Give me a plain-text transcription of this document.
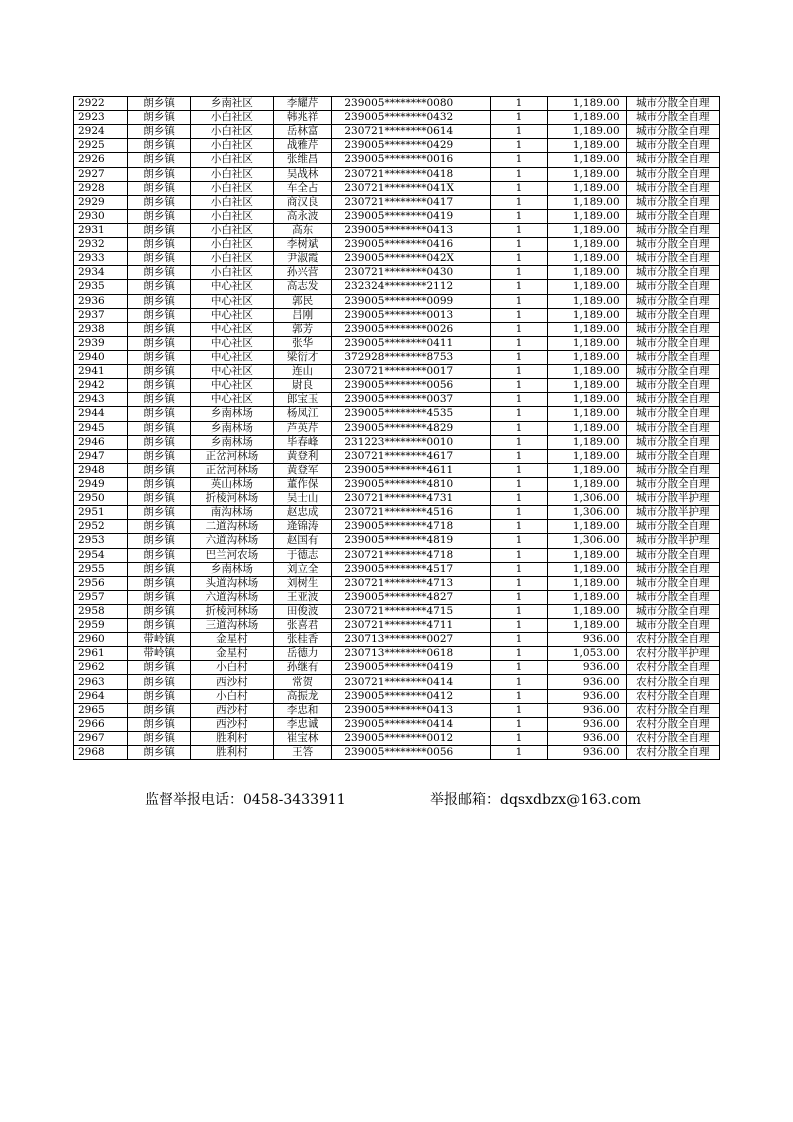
2922	朗乡镇	乡南社区	李耀芹	239005********0080	1	1,189.00	城市分散全自理
2923	朗乡镇	小白社区	韩兆祥	239005********0432	1	1,189.00	城市分散全自理
2924	朗乡镇	小白社区	岳林富	230721********0614	1	1,189.00	城市分散全自理
2925	朗乡镇	小白社区	战雅芹	239005********0429	1	1,189.00	城市分散全自理
2926	朗乡镇	小白社区	张维昌	239005********0016	1	1,189.00	城市分散全自理
2927	朗乡镇	小白社区	吴战林	230721********0418	1	1,189.00	城市分散全自理
2928	朗乡镇	小白社区	车全占	230721********041X	1	1,189.00	城市分散全自理
2929	朗乡镇	小白社区	商汉良	230721********0417	1	1,189.00	城市分散全自理
2930	朗乡镇	小白社区	高永波	239005********0419	1	1,189.00	城市分散全自理
2931	朗乡镇	小白社区	高东	239005********0413	1	1,189.00	城市分散全自理
2932	朗乡镇	小白社区	李树斌	239005********0416	1	1,189.00	城市分散全自理
2933	朗乡镇	小白社区	尹淑霞	239005********042X	1	1,189.00	城市分散全自理
2934	朗乡镇	小白社区	孙兴营	230721********0430	1	1,189.00	城市分散全自理
2935	朗乡镇	中心社区	高志发	232324********2112	1	1,189.00	城市分散全自理
2936	朗乡镇	中心社区	郭民	239005********0099	1	1,189.00	城市分散全自理
2937	朗乡镇	中心社区	吕刚	239005********0013	1	1,189.00	城市分散全自理
2938	朗乡镇	中心社区	郭芳	239005********0026	1	1,189.00	城市分散全自理
2939	朗乡镇	中心社区	张华	239005********0411	1	1,189.00	城市分散全自理
2940	朗乡镇	中心社区	梁衍才	372928********8753	1	1,189.00	城市分散全自理
2941	朗乡镇	中心社区	连山	230721********0017	1	1,189.00	城市分散全自理
2942	朗乡镇	中心社区	尉良	239005********0056	1	1,189.00	城市分散全自理
2943	朗乡镇	中心社区	郎宝玉	239005********0037	1	1,189.00	城市分散全自理
2944	朗乡镇	乡南林场	杨凤江	239005********4535	1	1,189.00	城市分散全自理
2945	朗乡镇	乡南林场	芦英芹	239005********4829	1	1,189.00	城市分散全自理
2946	朗乡镇	乡南林场	毕春峰	231223********0010	1	1,189.00	城市分散全自理
2947	朗乡镇	正岔河林场	黄登利	230721********4617	1	1,189.00	城市分散全自理
2948	朗乡镇	正岔河林场	黄登军	239005********4611	1	1,189.00	城市分散全自理
2949	朗乡镇	英山林场	董作保	239005********4810	1	1,189.00	城市分散全自理
2950	朗乡镇	折棱河林场	吴士山	230721********4731	1	1,306.00	城市分散半护理
2951	朗乡镇	南沟林场	赵忠成	230721********4516	1	1,306.00	城市分散半护理
2952	朗乡镇	二道沟林场	逄锦涛	239005********4718	1	1,189.00	城市分散全自理
2953	朗乡镇	六道沟林场	赵国有	239005********4819	1	1,306.00	城市分散半护理
2954	朗乡镇	巴兰河农场	于德志	230721********4718	1	1,189.00	城市分散全自理
2955	朗乡镇	乡南林场	刘立全	239005********4517	1	1,189.00	城市分散全自理
2956	朗乡镇	头道沟林场	刘树生	230721********4713	1	1,189.00	城市分散全自理
2957	朗乡镇	六道沟林场	王亚波	239005********4827	1	1,189.00	城市分散全自理
2958	朗乡镇	折棱河林场	田俊波	230721********4715	1	1,189.00	城市分散全自理
2959	朗乡镇	三道沟林场	张喜君	230721********4711	1	1,189.00	城市分散全自理
2960	带岭镇	金星村	张桂香	230713********0027	1	936.00	农村分散全自理
2961	带岭镇	金星村	岳德力	230713********0618	1	1,053.00	农村分散半护理
2962	朗乡镇	小白村	孙继有	239005********0419	1	936.00	农村分散全自理
2963	朗乡镇	西沙村	常贺	230721********0414	1	936.00	农村分散全自理
2964	朗乡镇	小白村	高振龙	239005********0412	1	936.00	农村分散全自理
2965	朗乡镇	西沙村	李忠和	239005********0413	1	936.00	农村分散全自理
2966	朗乡镇	西沙村	李忠诚	239005********0414	1	936.00	农村分散全自理
2967	朗乡镇	胜利村	崔宝林	239005********0012	1	936.00	农村分散全自理
2968	朗乡镇	胜利村	王答	239005********0056	1	936.00	农村分散全自理
监督举报电话：0458-3433911	举报邮箱：dqsxdbzx@163.com
